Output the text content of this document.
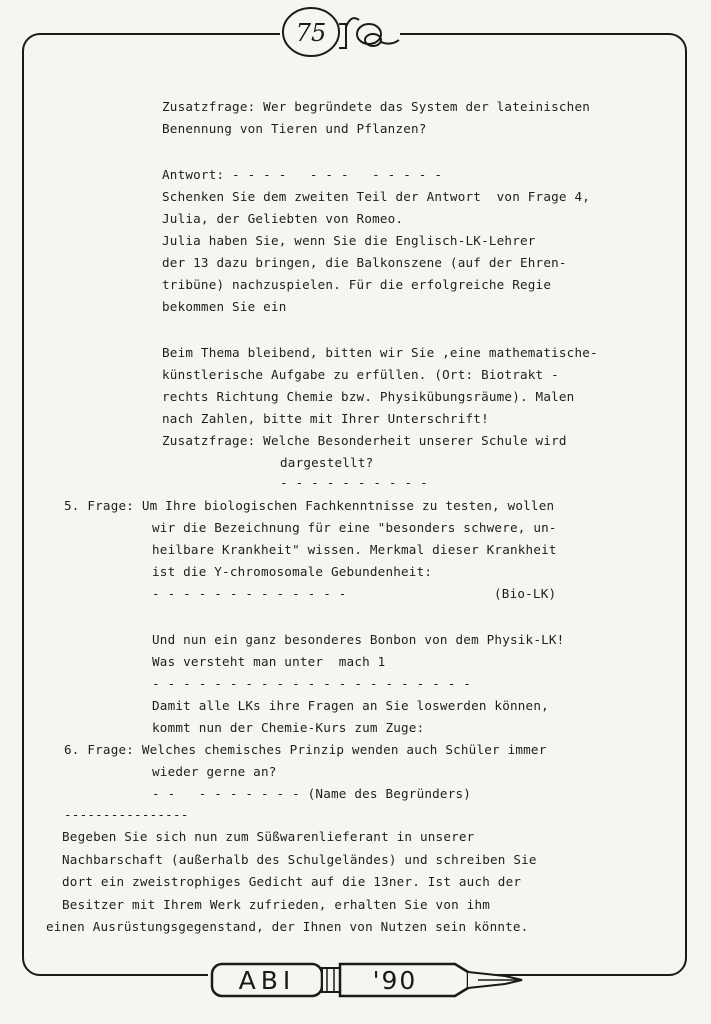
75
Zusatzfrage: Wer begründete das System der lateinischen
Benennung von Tieren und Pflanzen?
Antwort: - - - -   - - -   - - - - -
Schenken Sie dem zweiten Teil der Antwort  von Frage 4,
Julia, der Geliebten von Romeo.
Julia haben Sie, wenn Sie die Englisch-LK-Lehrer
der 13 dazu bringen, die Balkonszene (auf der Ehren-
tribüne) nachzuspielen. Für die erfolgreiche Regie
bekommen Sie ein
Beim Thema bleibend, bitten wir Sie ,eine mathematische-
künstlerische Aufgabe zu erfüllen. (Ort: Biotrakt -
rechts Richtung Chemie bzw. Physikübungsräume). Malen
nach Zahlen, bitte mit Ihrer Unterschrift!
Zusatzfrage: Welche Besonderheit unserer Schule wird
dargestellt?
- - - - - - - - - -
5. Frage: Um Ihre biologischen Fachkenntnisse zu testen, wollen
wir die Bezeichnung für eine "besonders schwere, un-
heilbare Krankheit" wissen. Merkmal dieser Krankheit
ist die Y-chromosomale Gebundenheit:
- - - - - - - - - - - - -	(Bio-LK)
Und nun ein ganz besonderes Bonbon von dem Physik-LK!
Was versteht man unter  mach 1
- - - - - - - - - - - - - - - - - - - - -
Damit alle LKs ihre Fragen an Sie loswerden können,
kommt nun der Chemie-Kurs zum Zuge:
6. Frage: Welches chemisches Prinzip wenden auch Schüler immer
wieder gerne an?
- -   - - - - - - - (Name des Begründers)
----------------
Begeben Sie sich nun zum Süßwarenlieferant in unserer
Nachbarschaft (außerhalb des Schulgeländes) und schreiben Sie
dort ein zweistrophiges Gedicht auf die 13ner. Ist auch der
Besitzer mit Ihrem Werk zufrieden, erhalten Sie von ihm
einen Ausrüstungsgegenstand, der Ihnen von Nutzen sein könnte.
ABI	'90
